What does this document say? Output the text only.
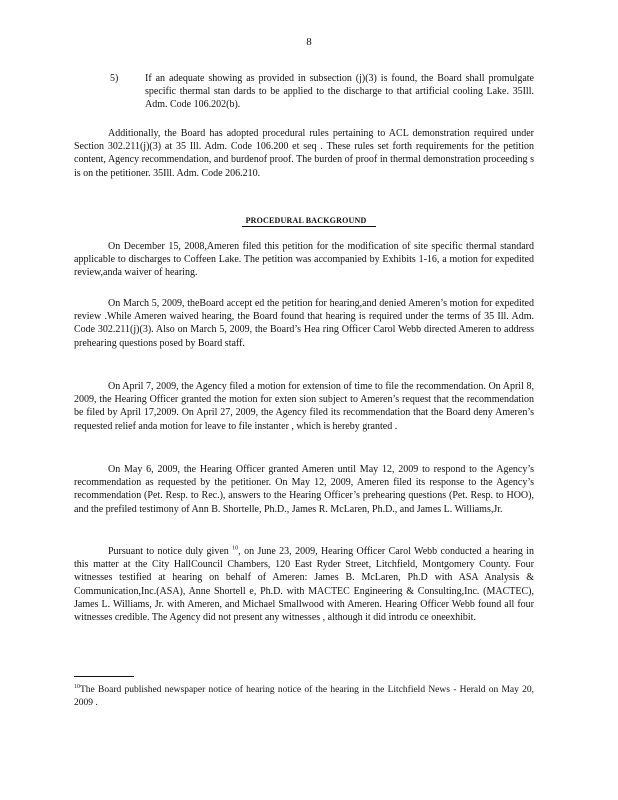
8
5)	If an adequate showing as provided in subsection (j)(3) is found, the Board shall promulgate specific thermal stan dards to be applied to the discharge to that artificial cooling Lake. 35Ill. Adm. Code 106.202(b).
Additionally, the Board has adopted procedural rules pertaining to ACL demonstration required under Section 302.211(j)(3) at 35 Ill. Adm. Code 106.200 et seq . These rules set forth requirements for the petition content, Agency recommendation, and burdenof proof. The burden of proof in thermal demonstration proceeding s is on the petitioner. 35Ill. Adm. Code 206.210.
PROCEDURAL BACKGROUND
On December 15, 2008,Ameren filed this petition for the modification of site specific thermal standard applicable to discharges to Coffeen Lake. The petition was accompanied by Exhibits 1-16, a motion for expedited review,anda waiver of hearing.
On March 5, 2009, theBoard accept ed the petition for hearing,and denied Ameren’s motion for expedited review .While Ameren waived hearing, the Board found that hearing is required under the terms of 35 Ill. Adm. Code 302.211(j)(3). Also on March 5, 2009, the Board’s Hea ring Officer Carol Webb directed Ameren to address prehearing questions posed by Board staff.
On April 7, 2009, the Agency filed a motion for extension of time to file the recommendation. On April 8, 2009, the Hearing Officer granted the motion for exten sion subject to Ameren’s request that the recommendation be filed by April 17,2009. On April 27, 2009, the Agency filed its recommendation that the Board deny Ameren’s requested relief anda motion for leave to file instanter , which is hereby granted .
On May 6, 2009, the Hearing Officer granted Ameren until May 12, 2009 to respond to the Agency’s recommendation as requested by the petitioner. On May 12, 2009, Ameren filed its response to the Agency’s recommendation (Pet. Resp. to Rec.), answers to the Hearing Officer’s prehearing questions (Pet. Resp. to HOO), and the prefiled testimony of Ann B. Shortelle, Ph.D., James R. McLaren, Ph.D., and James L. Williams,Jr.
Pursuant to notice duly given $^{10}$, on June 23, 2009, Hearing Officer Carol Webb conducted a hearing in this matter at the City HallCouncil Chambers, 120 East Ryder Street, Litchfield, Montgomery County. Four witnesses testified at hearing on behalf of Ameren: James B. McLaren, Ph.D with ASA Analysis & Communication,Inc.(ASA), Anne Shortell e, Ph.D. with MACTEC Engineering & Consulting,Inc. (MACTEC), James L. Williams, Jr. with Ameren, and Michael Smallwood with Ameren. Hearing Officer Webb found all four witnesses credible. The Agency did not present any witnesses , although it did introdu ce oneexhibit.
$^{10}$The Board published newspaper notice of hearing notice of the hearing in the Litchfield News - Herald on May 20, 2009 .
